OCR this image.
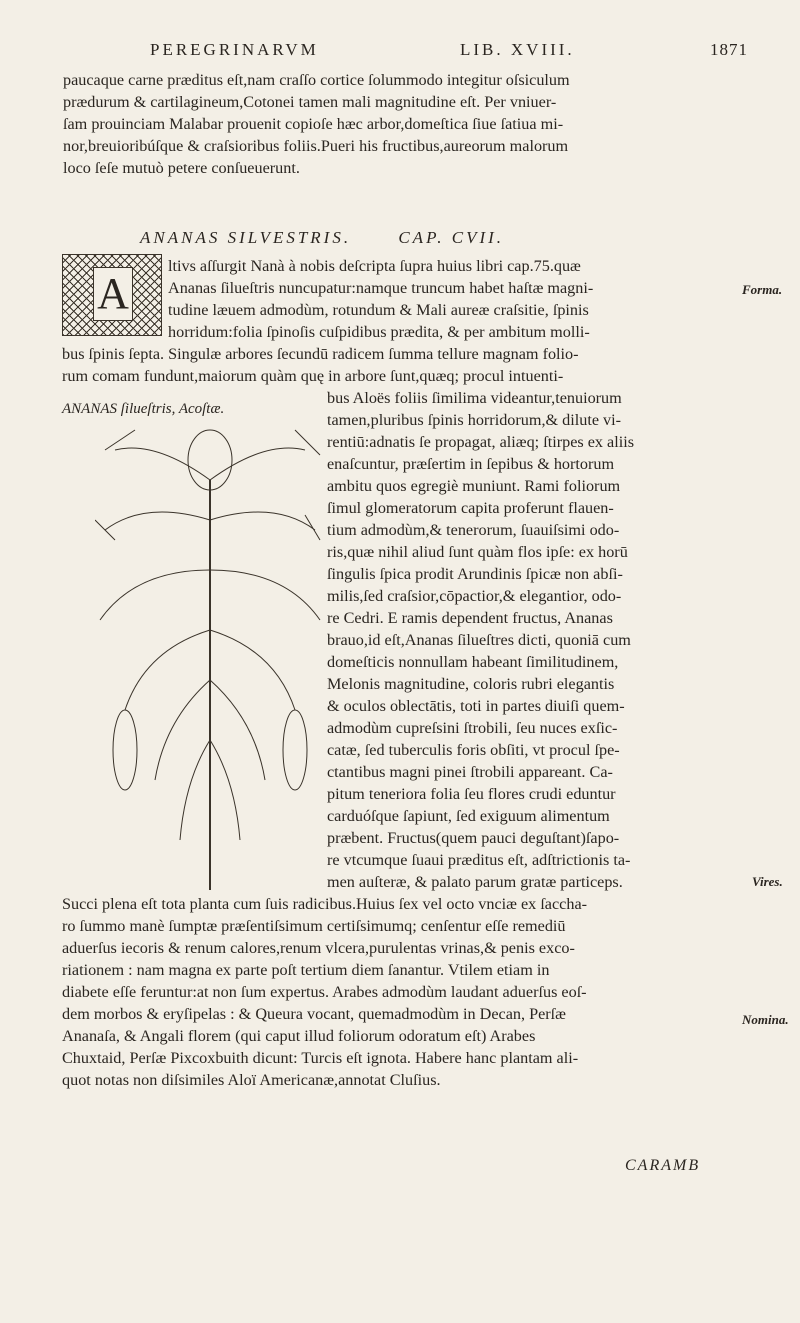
PEREGRINARVM	LIB. XVIII.	1871
paucaque carne præditus eſt,nam craſſo cortice ſolummodo integitur oſsiculum
prædurum & cartilagineum,Cotonei tamen mali magnitudine eſt. Per vniuer-
ſam prouinciam Malabar prouenit copioſe hæc arbor,domeſtica ſiue ſatiua mi-
nor,breuioribúſque & craſsioribus foliis.Pueri his fructibus,aureorum malorum
loco ſeſe mutuò petere conſueuerunt.
ANANAS SILVESTRIS.	CAP. CVII.
A
ltivs aſſurgit Nanà à nobis deſcripta ſupra huius libri cap.75.quæ
Ananas ſilueſtris nuncupatur:namque truncum habet haſtæ magni-
tudine læuem admodùm, rotundum & Mali aureæ craſsitie, ſpinis
horridum:folia ſpinoſis cuſpidibus prædita, & per ambitum molli-
bus ſpinis ſepta. Singulæ arbores ſecundū radicem ſumma tellure magnam folio-
rum comam fundunt,maiorum quàm quę in arbore ſunt,quæq; procul intuenti-
ANANAS ſilueſtris, Acoſtæ.
bus Aloës foliis ſimilima videantur,tenuiorum
tamen,pluribus ſpinis horridorum,& dilute vi-
rentiū:adnatis ſe propagat, aliæq; ſtirpes ex aliis
enaſcuntur, præſertim in ſepibus & hortorum
ambitu quos egregiè muniunt. Rami foliorum
ſimul glomeratorum capita proferunt flauen-
tium admodùm,& tenerorum, ſuauiſsimi odo-
ris,quæ nihil aliud ſunt quàm flos ipſe: ex horū
ſingulis ſpica prodit Arundinis ſpicæ non abſi-
milis,ſed craſsior,cōpactior,& elegantior, odo-
re Cedri. E ramis dependent fructus, Ananas
brauo,id eſt,Ananas ſilueſtres dicti, quoniā cum
domeſticis nonnullam habeant ſimilitudinem,
Melonis magnitudine, coloris rubri elegantis
& oculos oblectātis, toti in partes diuiſi quem-
admodùm cupreſsini ſtrobili, ſeu nuces exſic-
catæ, ſed tuberculis foris obſiti, vt procul ſpe-
ctantibus magni pinei ſtrobili appareant. Ca-
pitum teneriora folia ſeu flores crudi eduntur
carduóſque ſapiunt, ſed exiguum alimentum
præbent. Fructus(quem pauci deguſtant)ſapo-
re vtcumque ſuaui præditus eſt, adſtrictionis ta-
men auſteræ, & palato parum gratæ particeps.
Succi plena eſt tota planta cum ſuis radicibus.Huius ſex vel octo vnciæ ex ſaccha-
ro ſummo manè ſumptæ præſentiſsimum certiſsimumq; cenſentur eſſe remediū
aduerſus iecoris & renum calores,renum vlcera,purulentas vrinas,& penis exco-
riationem : nam magna ex parte poſt tertium diem ſanantur. Vtilem etiam in
diabete eſſe feruntur:at non ſum expertus. Arabes admodùm laudant aduerſus eoſ-
dem morbos & eryſipelas : & Queura vocant, quemadmodùm in Decan, Perſæ
Ananaſa, & Angali florem (qui caput illud foliorum odoratum eſt) Arabes
Chuxtaid, Perſæ Pixcoxbuith dicunt: Turcis eſt ignota. Habere hanc plantam ali-
quot notas non diſsimiles Aloï Americanæ,annotat Cluſius.
Forma.
Vires.
Nomina.
CARAMB
